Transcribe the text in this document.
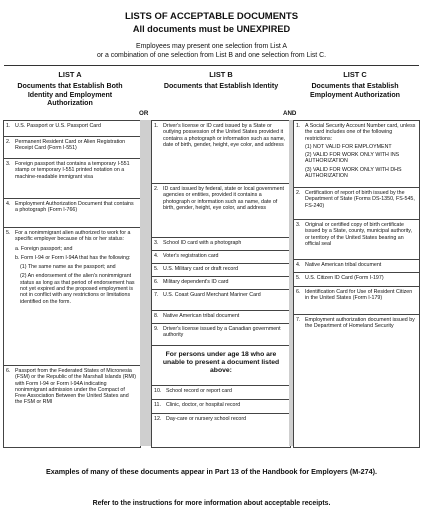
LISTS OF ACCEPTABLE DOCUMENTS
All documents must be UNEXPIRED
Employees may present one selection from List A
or a combination of one selection from List B and one selection from List C.
LIST A
Documents that Establish Both Identity and Employment Authorization
LIST B
Documents that Establish Identity
LIST C
Documents that Establish Employment Authorization
OR	AND
1. U.S. Passport or U.S. Passport Card
2. Permanent Resident Card or Alien Registration Receipt Card (Form I-551)
3. Foreign passport that contains a temporary I-551 stamp or temporary I-551 printed notation on a machine-readable immigrant visa
4. Employment Authorization Document that contains a photograph (Form I-766)
5. For a nonimmigrant alien authorized to work for a specific employer because of his or her status:
a. Foreign passport; and
b. Form I-94 or Form I-94A that has the following:
(1) The same name as the passport; and
(2) An endorsement of the alien's nonimmigrant status as long as that period of endorsement has not yet expired and the proposed employment is not in conflict with any restrictions or limitations identified on the form.
6. Passport from the Federated States of Micronesia (FSM) or the Republic of the Marshall Islands (RMI) with Form I-94 or Form I-94A indicating nonimmigrant admission under the Compact of Free Association Between the United States and the FSM or RMI
1. Driver's license or ID card issued by a State or outlying possession of the United States provided it contains a photograph or information such as name, date of birth, gender, height, eye color, and address
2. ID card issued by federal, state or local government agencies or entities, provided it contains a photograph or information such as name, date of birth, gender, height, eye color, and address
3. School ID card with a photograph
4. Voter's registration card
5. U.S. Military card or draft record
6. Military dependent's ID card
7. U.S. Coast Guard Merchant Mariner Card
8. Native American tribal document
9. Driver's license issued by a Canadian government authority
For persons under age 18 who are unable to present a document listed above:
10. School record or report card
11. Clinic, doctor, or hospital record
12. Day-care or nursery school record
1. A Social Security Account Number card, unless the card includes one of the following restrictions:
(1) NOT VALID FOR EMPLOYMENT
(2) VALID FOR WORK ONLY WITH INS AUTHORIZATION
(3) VALID FOR WORK ONLY WITH DHS AUTHORIZATION
2. Certification of report of birth issued by the Department of State (Forms DS-1350, FS-545, FS-240)
3. Original or certified copy of birth certificate issued by a State, county, municipal authority, or territory of the United States bearing an official seal
4. Native American tribal document
5. U.S. Citizen ID Card (Form I-197)
6. Identification Card for Use of Resident Citizen in the United States (Form I-179)
7. Employment authorization document issued by the Department of Homeland Security
Examples of many of these documents appear in Part 13 of the Handbook for Employers (M-274).
Refer to the instructions for more information about acceptable receipts.
